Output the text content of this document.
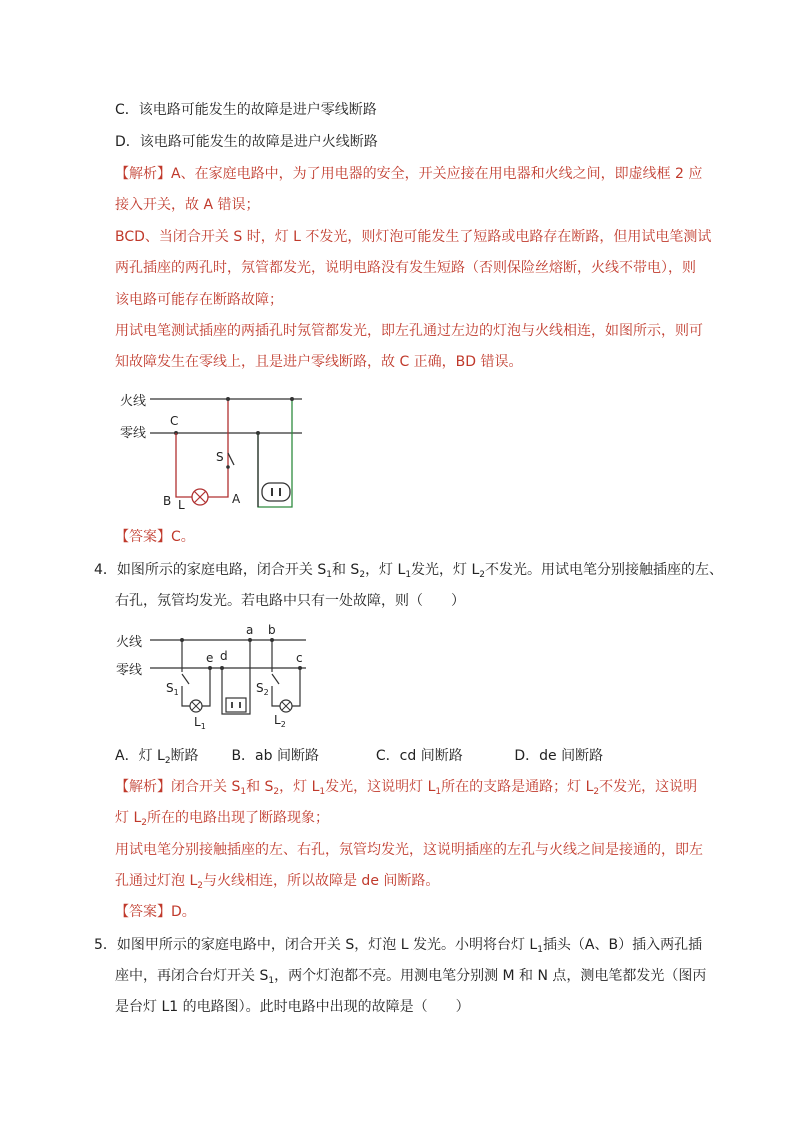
C．该电路可能发生的故障是进户零线断路
D．该电路可能发生的故障是进户火线断路
【解析】A、在家庭电路中，为了用电器的安全，开关应接在用电器和火线之间，即虚线框 2 应
接入开关，故 A 错误；
BCD、当闭合开关 S 时，灯 L 不发光，则灯泡可能发生了短路或电路存在断路，但用试电笔测试
两孔插座的两孔时，氖管都发光，说明电路没有发生短路（否则保险丝熔断，火线不带电），则
该电路可能存在断路故障；
用试电笔测试插座的两插孔时氖管都发光，即左孔通过左边的灯泡与火线相连，如图所示，则可
知故障发生在零线上，且是进户零线断路，故 C 正确，BD 错误。
火线
零线
C
S
B L	A
【答案】C。
4．如图所示的家庭电路，闭合开关 $S_1$和 $S_2$，灯 $L_1$发光，灯 $L_2$不发光。用试电笔分别接触插座的左、
右孔，氖管均发光。若电路中只有一处故障，则（　　）
火线
零线
e
$S_1$
$L_1$
d
a b
c
$S_2$
$L_2$
A．灯 $L_2$断路 B．ab 间断路	C．cd 间断路	D．de 间断路
【解析】闭合开关 $S_1$和 $S_2$，灯 $L_1$发光，这说明灯 $L_1$所在的支路是通路；灯 $L_2$不发光，这说明
灯 $L_2$所在的电路出现了断路现象；
用试电笔分别接触插座的左、右孔，氖管均发光，这说明插座的左孔与火线之间是接通的，即左
孔通过灯泡 $L_2$与火线相连，所以故障是 de 间断路。
【答案】D。
5．如图甲所示的家庭电路中，闭合开关 S，灯泡 L 发光。小明将台灯 $L_1$插头（A、B）插入两孔插
座中，再闭合台灯开关 $S_1$，两个灯泡都不亮。用测电笔分别测 M 和 N 点，测电笔都发光（图丙
是台灯 L1 的电路图）。此时电路中出现的故障是（　　）
